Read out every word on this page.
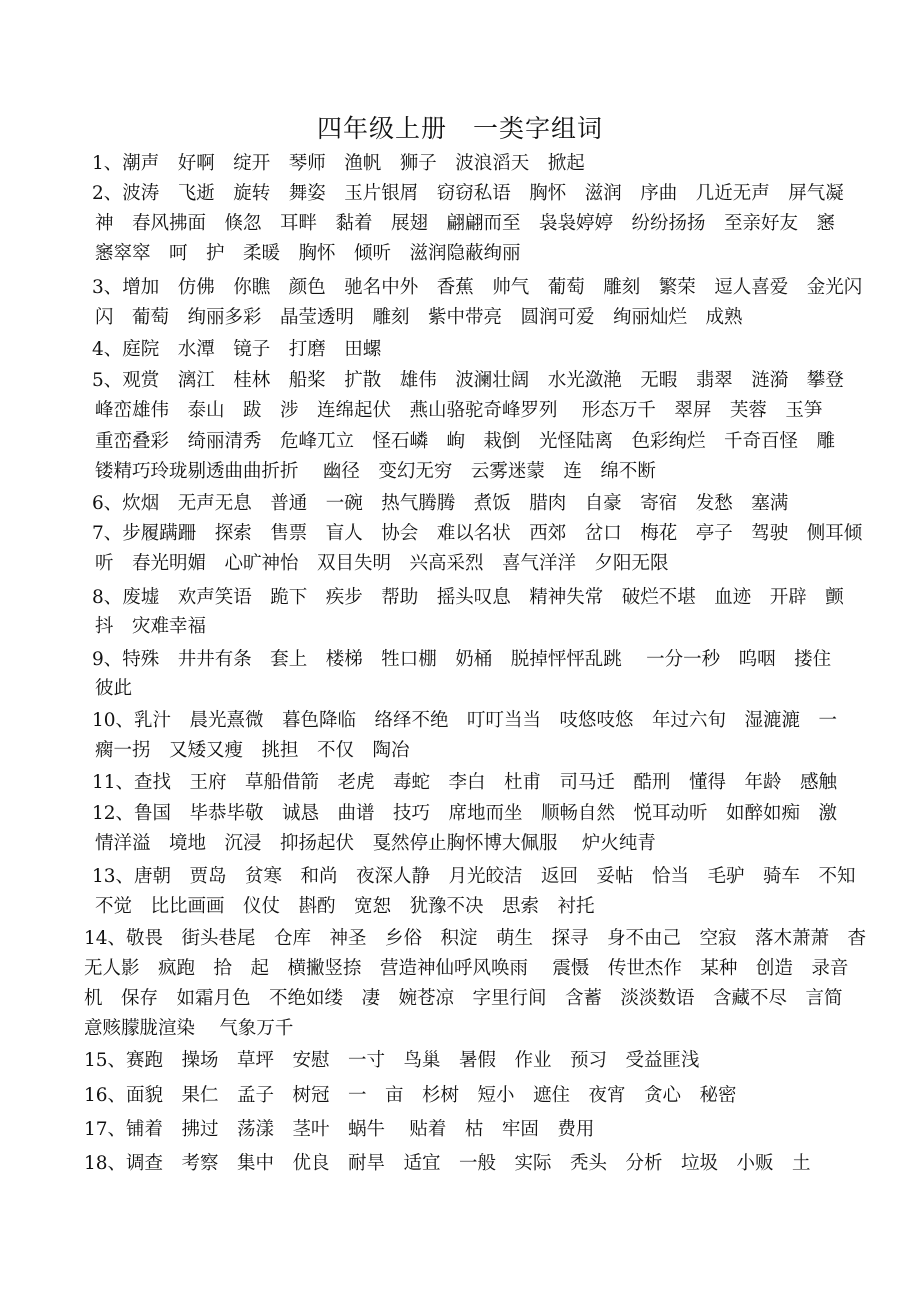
四年级上册　一类字组词
1、潮声　好啊　绽开　琴师　渔帆　狮子　波浪滔天　掀起
2、波涛　飞逝　旋转　舞姿　玉片银屑　窃窃私语　胸怀　滋润　序曲　几近无声　屏气凝
神　春风拂面　倏忽　耳畔　黏着　展翅　翩翩而至　袅袅婷婷　纷纷扬扬　至亲好友　窸
窸窣窣　呵　护　柔暖　胸怀　倾听　滋润隐蔽绚丽
3、增加　仿佛　你瞧　颜色　驰名中外　香蕉　帅气　葡萄　雕刻　繁荣　逗人喜爱　金光闪
闪　葡萄　绚丽多彩　晶莹透明　雕刻　紫中带亮　圆润可爱　绚丽灿烂　成熟
4、庭院　水潭　镜子　打磨　田螺
5、观赏　漓江　桂林　船桨　扩散　雄伟　波澜壮阔　水光潋滟　无暇　翡翠　涟漪　攀登
峰峦雄伟　泰山　跋　涉　连绵起伏　燕山骆驼奇峰罗列　 形态万千　翠屏　芙蓉　玉笋
重峦叠彩　绮丽清秀　危峰兀立　怪石嶙　峋　栽倒　光怪陆离　色彩绚烂　千奇百怪　雕
镂精巧玲珑剔透曲曲折折　 幽径　变幻无穷　云雾迷蒙　连　绵不断
6、炊烟　无声无息　普通　一碗　热气腾腾　煮饭　腊肉　自豪　寄宿　发愁　塞满
7、步履蹒跚　探索　售票　盲人　协会　难以名状　西郊　岔口　梅花　亭子　驾驶　侧耳倾
听　春光明媚　心旷神怡　双目失明　兴高采烈　喜气洋洋　夕阳无限
8、废墟　欢声笑语　跪下　疾步　帮助　摇头叹息　精神失常　破烂不堪　血迹　开辟　颤
抖　灾难幸福
9、特殊　井井有条　套上　楼梯　牲口棚　奶桶　脱掉怦怦乱跳　 一分一秒　呜咽　搂住
彼此
10、乳汁　晨光熹微　暮色降临　络绎不绝　叮叮当当　吱悠吱悠　年过六旬　湿漉漉　一
瘸一拐　又矮又瘦　挑担　不仅　陶冶
11、查找　王府　草船借箭　老虎　毒蛇　李白　杜甫　司马迁　酷刑　懂得　年龄　感触
12、鲁国　毕恭毕敬　诚恳　曲谱　技巧　席地而坐　顺畅自然　悦耳动听　如醉如痴　激
情洋溢　境地　沉浸　抑扬起伏　戛然停止胸怀博大佩服　 炉火纯青
13、唐朝　贾岛　贫寒　和尚　夜深人静　月光皎洁　返回　妥帖　恰当　毛驴　骑车　不知
不觉　比比画画　仪仗　斟酌　宽恕　犹豫不决　思索　衬托
14、敬畏　街头巷尾　仓库　神圣　乡俗　积淀　萌生　探寻　身不由己　空寂　落木萧萧　杳
无人影　疯跑　拾　起　横撇竖捺　营造神仙呼风唤雨　 震慑　传世杰作　某种　创造　录音
机　保存　如霜月色　不绝如缕　凄　婉苍凉　字里行间　含蓄　淡淡数语　含藏不尽　言简
意赅朦胧渲染　 气象万千
15、赛跑　操场　草坪　安慰　一寸　鸟巢　暑假　作业　预习　受益匪浅
16、面貌　果仁　孟子　树冠　一　亩　杉树　短小　遮住　夜宵　贪心　秘密
17、铺着　拂过　荡漾　茎叶　蜗牛　 贴着　枯　牢固　费用
18、调查　考察　集中　优良　耐旱　适宜　一般　实际　秃头　分析　垃圾　小贩　土
